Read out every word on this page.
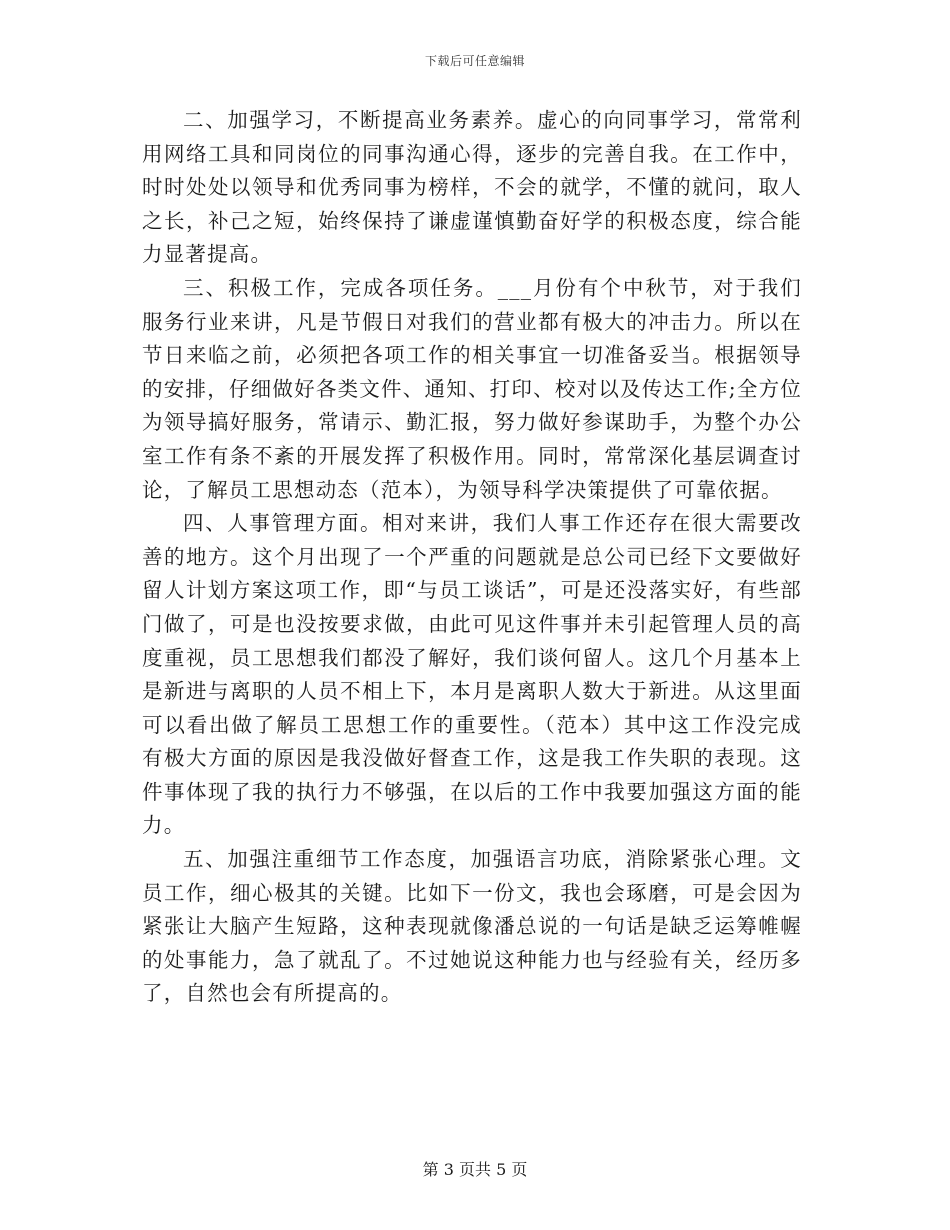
下载后可任意编辑

二、加强学习，不断提高业务素养。虚心的向同事学习，常常利用网络工具和同岗位的同事沟通心得，逐步的完善自我。在工作中，时时处处以领导和优秀同事为榜样，不会的就学，不懂的就问，取人之长，补己之短，始终保持了谦虚谨慎勤奋好学的积极态度，综合能力显著提高。

三、积极工作，完成各项任务。___月份有个中秋节，对于我们服务行业来讲，凡是节假日对我们的营业都有极大的冲击力。所以在节日来临之前，必须把各项工作的相关事宜一切准备妥当。根据领导的安排，仔细做好各类文件、通知、打印、校对以及传达工作;全方位为领导搞好服务，常请示、勤汇报，努力做好参谋助手，为整个办公室工作有条不紊的开展发挥了积极作用。同时，常常深化基层调查讨论，了解员工思想动态（范本），为领导科学决策提供了可靠依据。

四、人事管理方面。相对来讲，我们人事工作还存在很大需要改善的地方。这个月出现了一个严重的问题就是总公司已经下文要做好留人计划方案这项工作，即“与员工谈话”，可是还没落实好，有些部门做了，可是也没按要求做，由此可见这件事并未引起管理人员的高度重视，员工思想我们都没了解好，我们谈何留人。这几个月基本上是新进与离职的人员不相上下，本月是离职人数大于新进。从这里面可以看出做了解员工思想工作的重要性。（范本）其中这工作没完成有极大方面的原因是我没做好督查工作，这是我工作失职的表现。这件事体现了我的执行力不够强，在以后的工作中我要加强这方面的能力。

五、加强注重细节工作态度，加强语言功底，消除紧张心理。文员工作，细心极其的关键。比如下一份文，我也会琢磨，可是会因为紧张让大脑产生短路，这种表现就像潘总说的一句话是缺乏运筹帷幄的处事能力，急了就乱了。不过她说这种能力也与经验有关，经历多了，自然也会有所提高的。

第 3 页共 5 页
